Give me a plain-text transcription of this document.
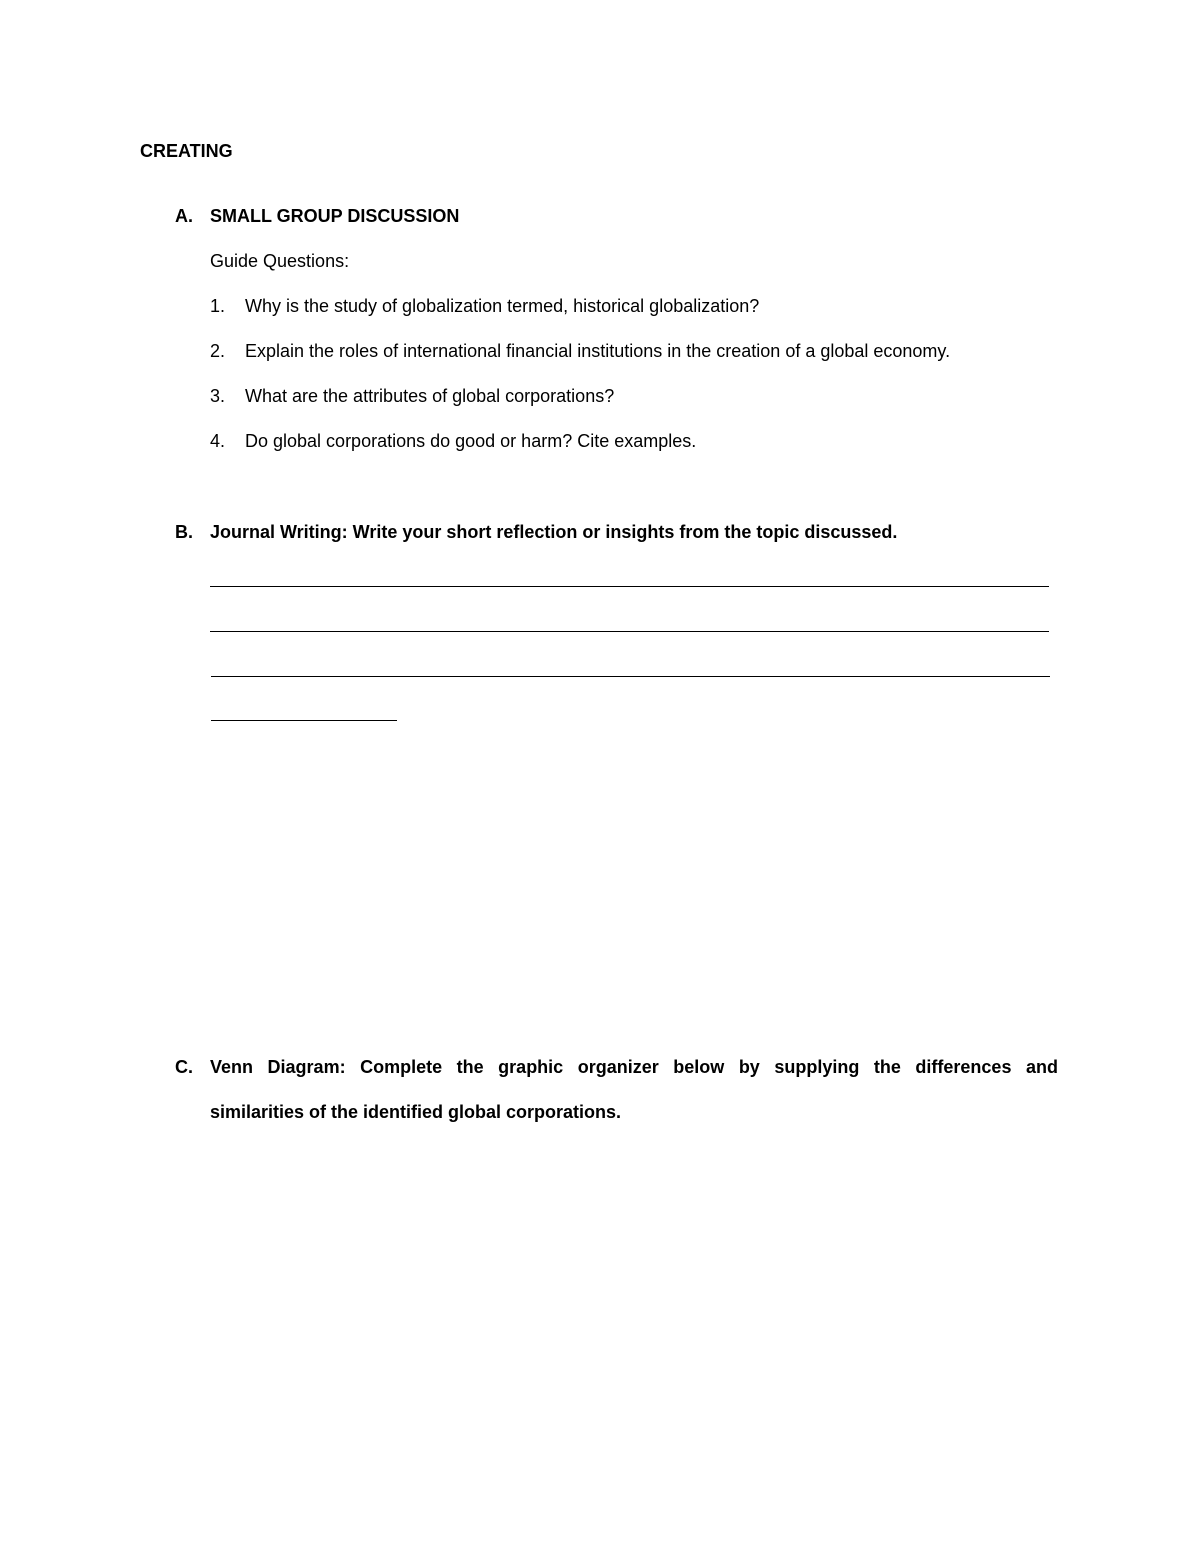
CREATING
A. SMALL GROUP DISCUSSION
Guide Questions:
1. Why is the study of globalization termed, historical globalization?
2. Explain the roles of international financial institutions in the creation of a global economy.
3. What are the attributes of global corporations?
4. Do global corporations do good or harm? Cite examples.
B. Journal Writing: Write your short reflection or insights from the topic discussed.
C. Venn Diagram: Complete the graphic organizer below by supplying the differences and
similarities of the identified global corporations.
